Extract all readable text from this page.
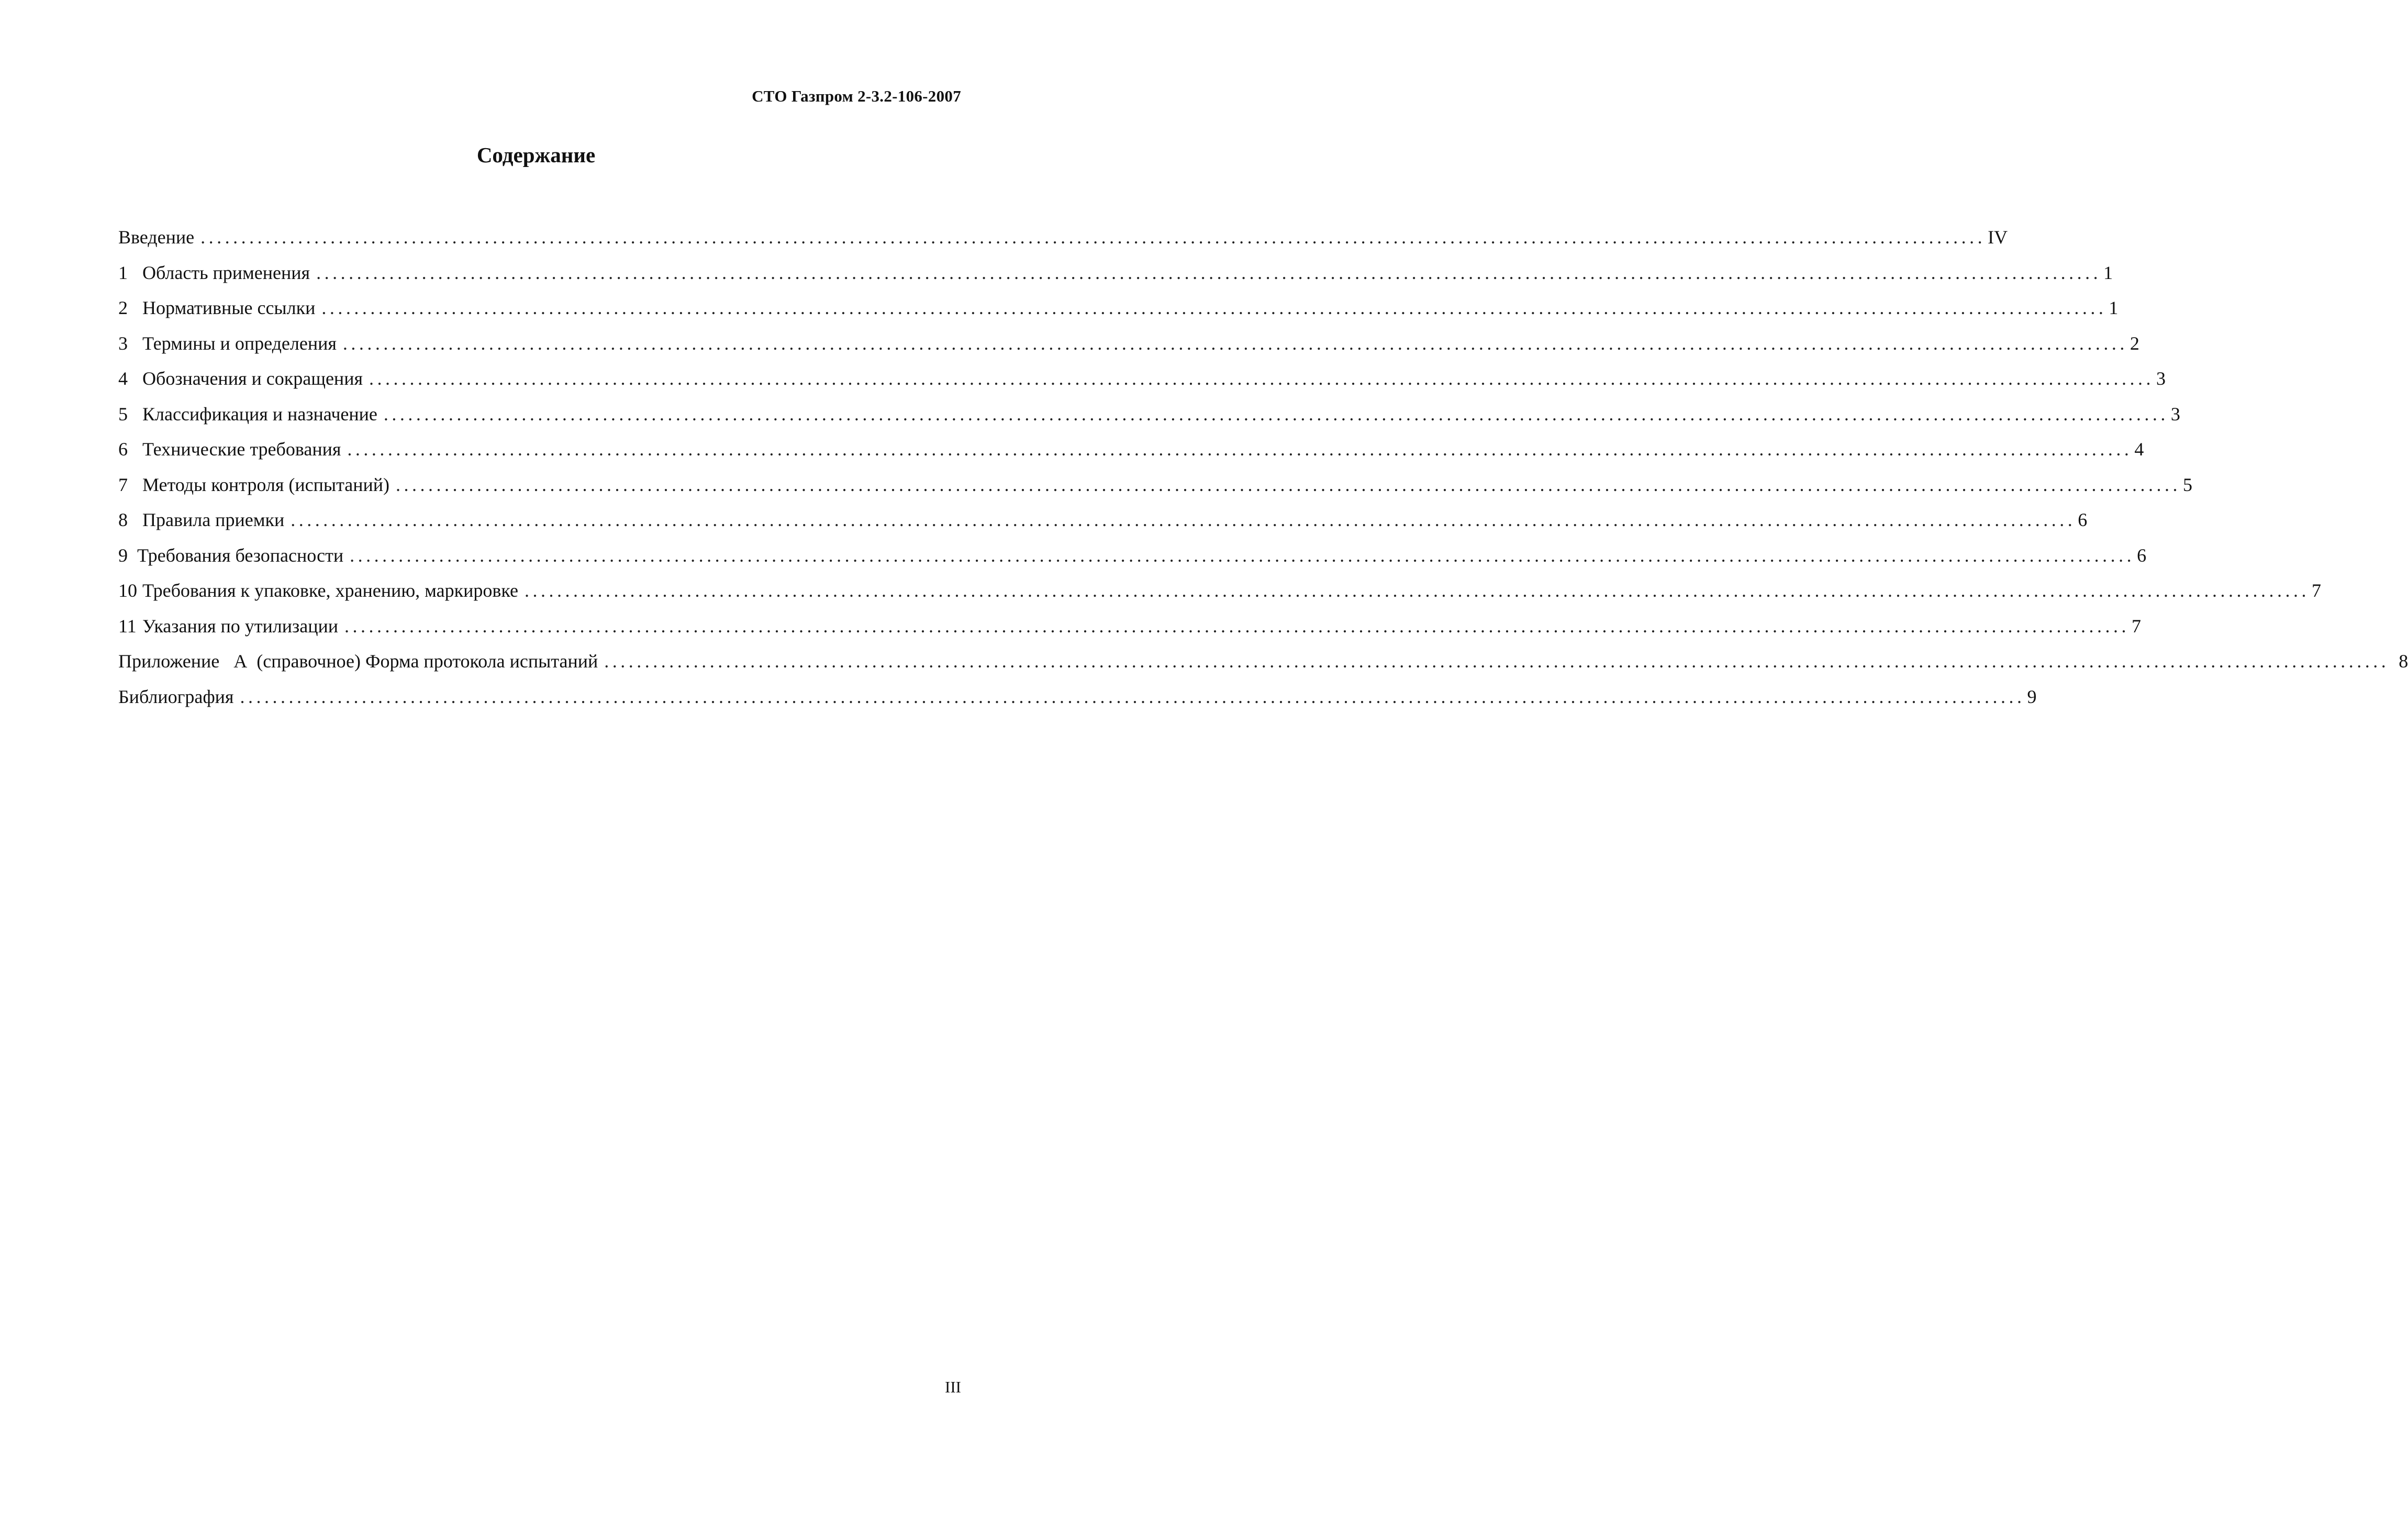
СТО Газпром 2-3.2-106-2007
Содержание
Введение ............................................................................................................................................................................................................................ IV
1 Область применения ............................................................................................................................................................................................................................ 1
2 Нормативные ссылки ............................................................................................................................................................................................................................ 1
3 Термины и определения ............................................................................................................................................................................................................................ 2
4 Обозначения и сокращения ............................................................................................................................................................................................................................ 3
5 Классификация и назначение ............................................................................................................................................................................................................................ 3
6 Технические требования ............................................................................................................................................................................................................................ 4
7 Методы контроля (испытаний) ............................................................................................................................................................................................................................ 5
8 Правила приемки ............................................................................................................................................................................................................................ 6
9 Требования безопасности ............................................................................................................................................................................................................................ 6
10 Требования к упаковке, хранению, маркировке ............................................................................................................................................................................................................................ 7
11 Указания по утилизации ............................................................................................................................................................................................................................ 7
Приложение   А  (справочное) Форма протокола испытаний ............................................................................................................................................................................................................................ 8
Библиография ............................................................................................................................................................................................................................ 9
III
